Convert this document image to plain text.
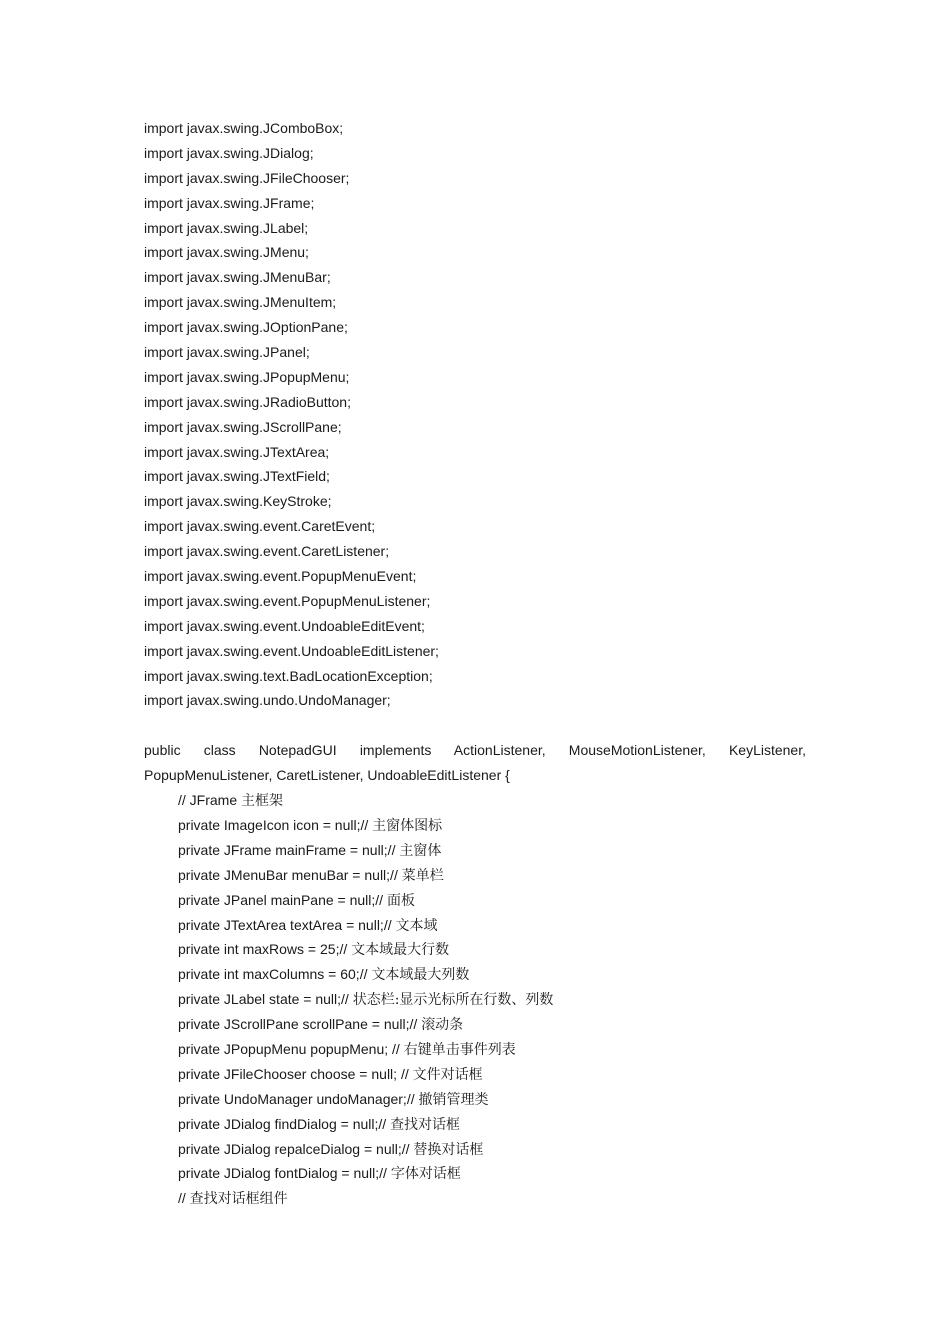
import javax.swing.JComboBox;
import javax.swing.JDialog;
import javax.swing.JFileChooser;
import javax.swing.JFrame;
import javax.swing.JLabel;
import javax.swing.JMenu;
import javax.swing.JMenuBar;
import javax.swing.JMenuItem;
import javax.swing.JOptionPane;
import javax.swing.JPanel;
import javax.swing.JPopupMenu;
import javax.swing.JRadioButton;
import javax.swing.JScrollPane;
import javax.swing.JTextArea;
import javax.swing.JTextField;
import javax.swing.KeyStroke;
import javax.swing.event.CaretEvent;
import javax.swing.event.CaretListener;
import javax.swing.event.PopupMenuEvent;
import javax.swing.event.PopupMenuListener;
import javax.swing.event.UndoableEditEvent;
import javax.swing.event.UndoableEditListener;
import javax.swing.text.BadLocationException;
import javax.swing.undo.UndoManager;
public class NotepadGUI implements ActionListener, MouseMotionListener, KeyListener,
PopupMenuListener, CaretListener, UndoableEditListener {
// JFrame 主框架
private ImageIcon icon = null;// 主窗体图标
private JFrame mainFrame = null;// 主窗体
private JMenuBar menuBar = null;// 菜单栏
private JPanel mainPane = null;// 面板
private JTextArea textArea = null;// 文本域
private int maxRows = 25;// 文本域最大行数
private int maxColumns = 60;// 文本域最大列数
private JLabel state = null;// 状态栏:显示光标所在行数、列数
private JScrollPane scrollPane = null;// 滚动条
private JPopupMenu popupMenu; // 右键单击事件列表
private JFileChooser choose = null; // 文件对话框
private UndoManager undoManager;// 撤销管理类
private JDialog findDialog = null;// 查找对话框
private JDialog repalceDialog = null;// 替换对话框
private JDialog fontDialog = null;// 字体对话框
// 查找对话框组件
